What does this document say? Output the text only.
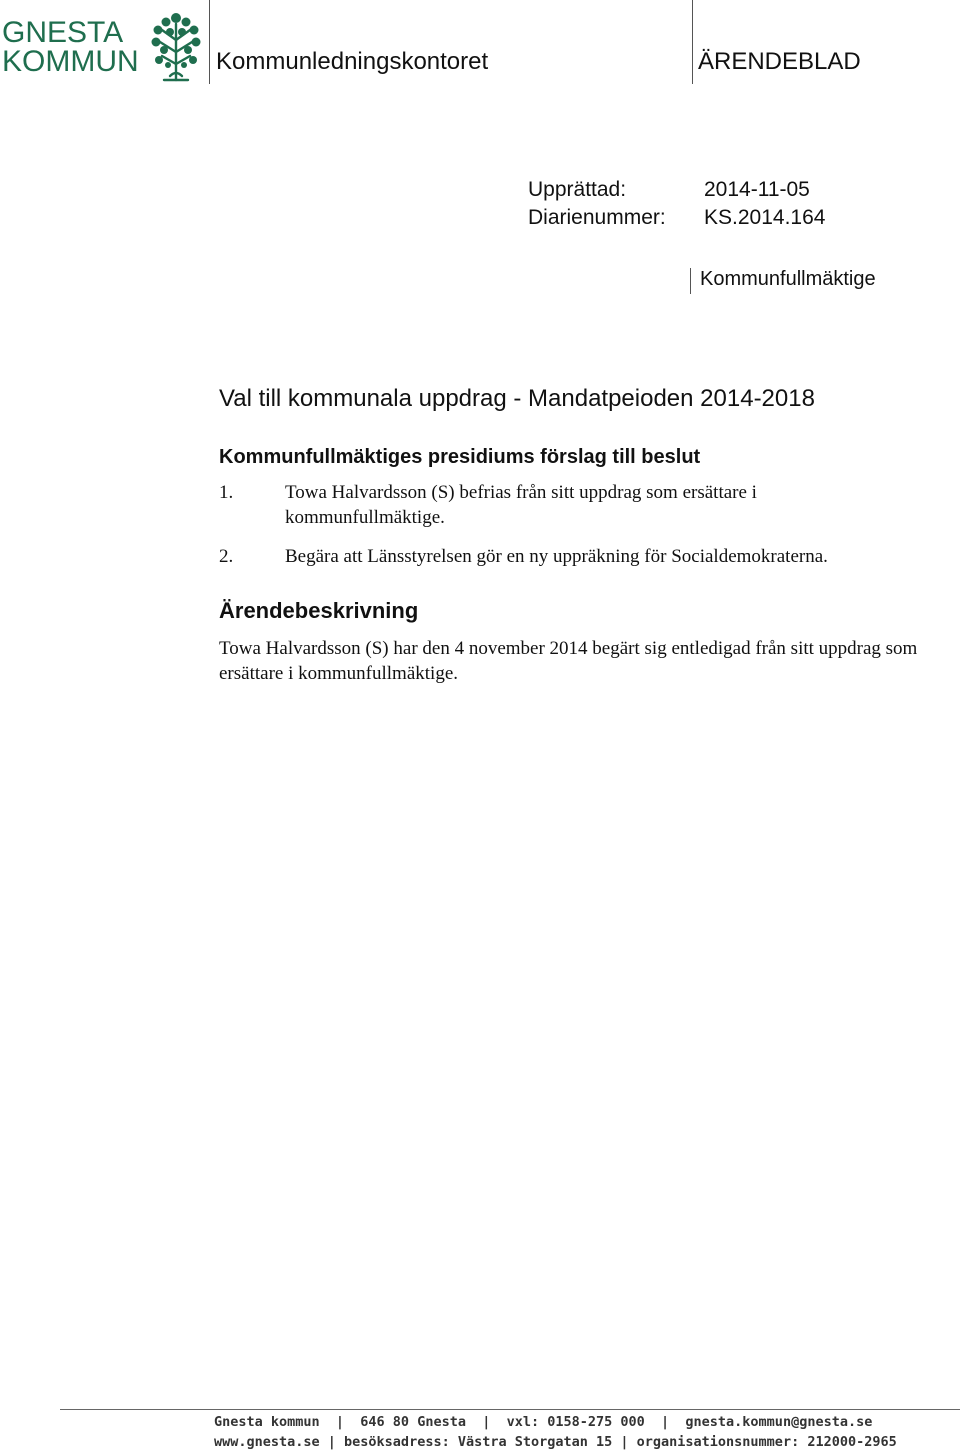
GNESTA
KOMMUN	Kommunledningskontoret	ÄRENDEBLAD
Upprättad:	2014-11-05
Diarienummer:	KS.2014.164
Kommunfullmäktige
Val till kommunala uppdrag - Mandatpeioden 2014-2018
Kommunfullmäktiges presidiums förslag till beslut
1.	Towa Halvardsson (S) befrias från sitt uppdrag som ersättare i kommunfullmäktige.
2.	Begära att Länsstyrelsen gör en ny uppräkning för Socialdemokraterna.
Ärendebeskrivning
Towa Halvardsson (S) har den 4 november 2014 begärt sig entledigad från sitt uppdrag som ersättare i kommunfullmäktige.
Gnesta kommun  |  646 80 Gnesta  |  vxl: 0158-275 000  |  gnesta.kommun@gnesta.se
www.gnesta.se | besöksadress: Västra Storgatan 15 | organisationsnummer: 212000-2965
